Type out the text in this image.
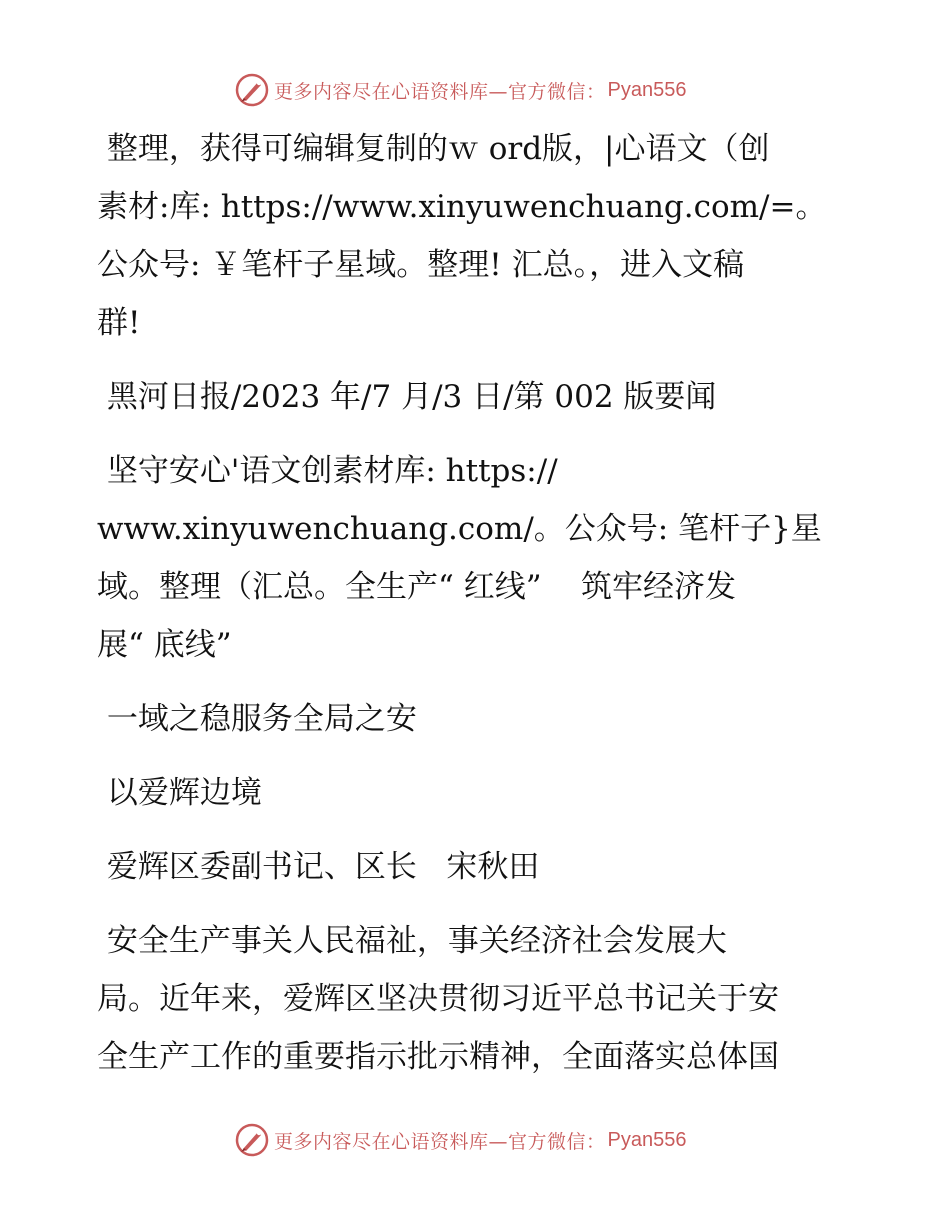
更多内容尽在心语资料库—官方微信： Pyan556

整理，获得可编辑复制的ｗ ord版，|心语文（创

素材:库: https://www.xinyuwenchuang.com/=。

公众号: ￥笔杆子星域。整理! 汇总。，进入文稿

群!

黑河日报/2023 年/7 月/3 日/第 002 版要闻

坚守安心'语文创素材库: https://

www.xinyuwenchuang.com/。公众号: 笔杆子}星

域。整理（汇总。全生产“ 红线”    筑牢经济发

展“ 底线”

一域之稳服务全局之安

以爱辉边境

爱辉区委副书记、区长   宋秋田

安全生产事关人民福祉，事关经济社会发展大

局。近年来，爱辉区坚决贯彻习近平总书记关于安

全生产工作的重要指示批示精神，全面落实总体国

更多内容尽在心语资料库—官方微信： Pyan556
